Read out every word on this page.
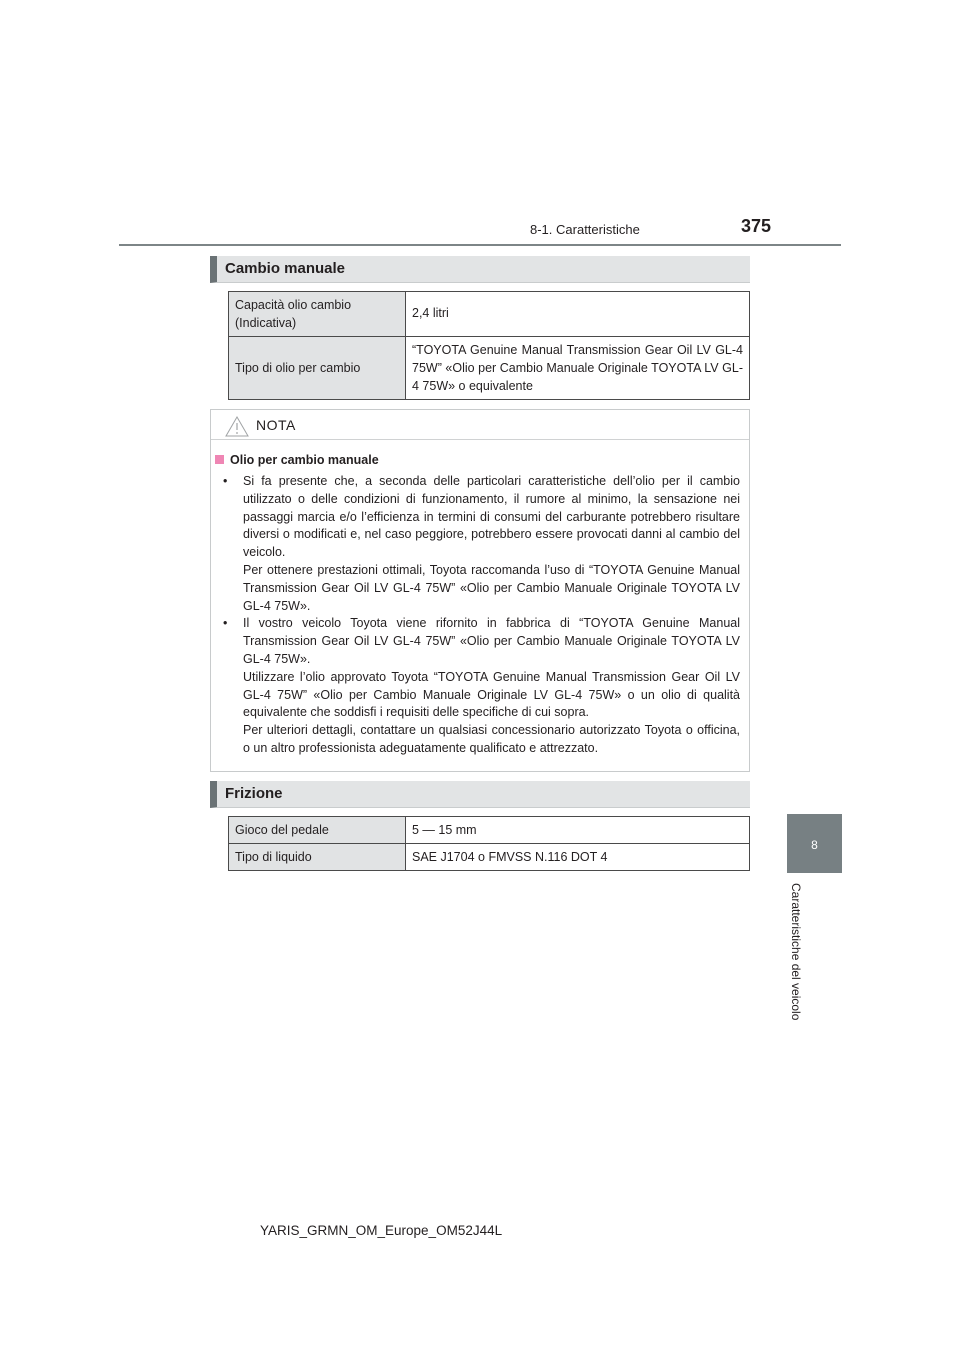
8-1. Caratteristiche	375
8
Caratteristiche del veicolo
Cambio manuale
Capacità olio cambio
(Indicativa)	2,4 litri
Tipo di olio per cambio	“TOYOTA Genuine Manual Transmission Gear Oil LV GL-4 75W” «Olio per Cambio Manuale Originale TOYOTA LV GL-4 75W» o equivalente
NOTA
Olio per cambio manuale
• Si fa presente che, a seconda delle particolari caratteristiche dell’olio per il cambio utilizzato o delle condizioni di funzionamento, il rumore al minimo, la sensazione nei passaggi marcia e/o l’efficienza in termini di consumi del carburante potrebbero risultare diversi o modificati e, nel caso peggiore, potrebbero essere provocati danni al cambio del veicolo.

Per ottenere prestazioni ottimali, Toyota raccomanda l’uso di “TOYOTA Genuine Manual Transmission Gear Oil LV GL-4 75W” «Olio per Cambio Manuale Originale TOYOTA LV GL-4 75W».

• Il vostro veicolo Toyota viene rifornito in fabbrica di “TOYOTA Genuine Manual Transmission Gear Oil LV GL-4 75W” «Olio per Cambio Manuale Originale TOYOTA LV GL-4 75W».

Utilizzare l’olio approvato Toyota “TOYOTA Genuine Manual Transmission Gear Oil LV GL-4 75W” «Olio per Cambio Manuale Originale LV GL-4 75W» o un olio di qualità equivalente che soddisfi i requisiti delle specifiche di cui sopra.

Per ulteriori dettagli, contattare un qualsiasi concessionario autorizzato Toyota o officina, o un altro professionista adeguatamente qualificato e attrezzato.

Frizione
Gioco del pedale	5 — 15 mm
Tipo di liquido	SAE J1704 o FMVSS N.116 DOT 4
YARIS_GRMN_OM_Europe_OM52J44L
